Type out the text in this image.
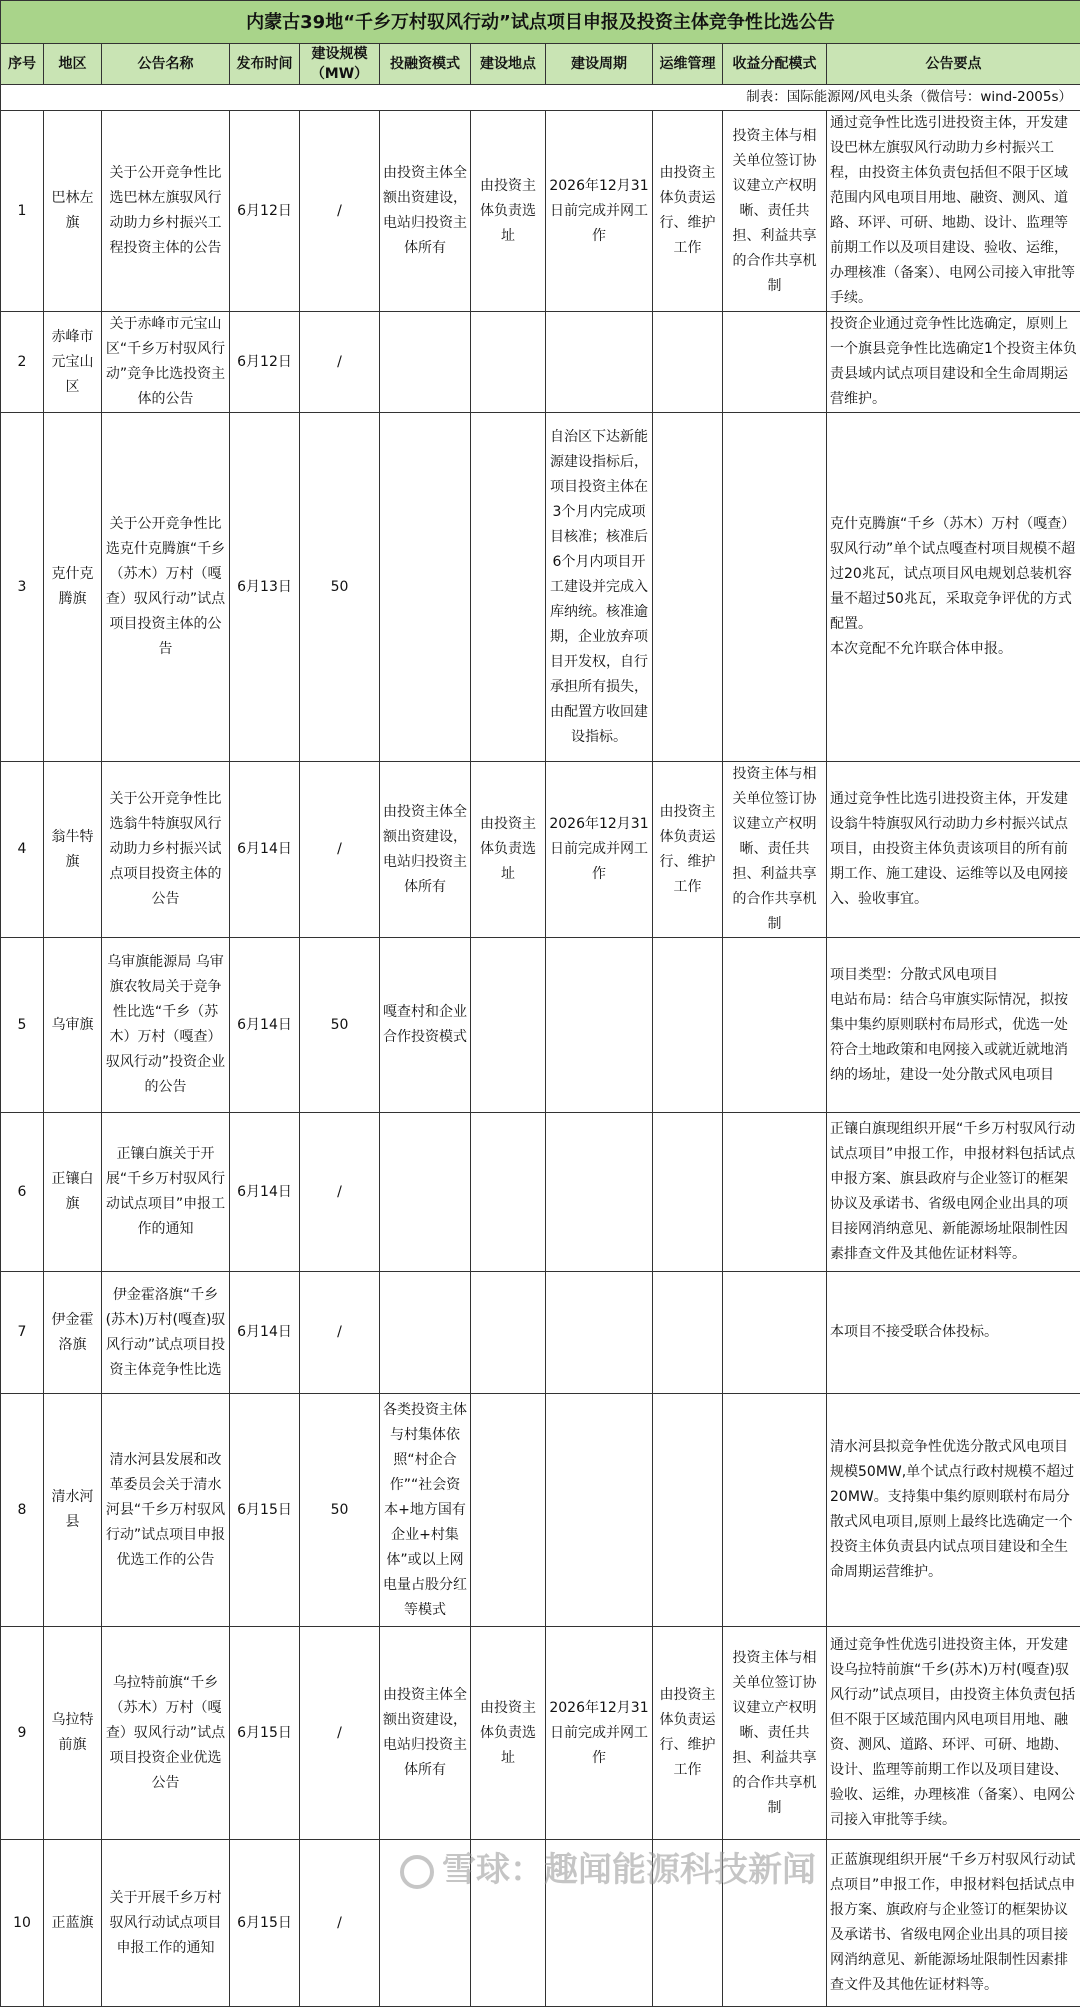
内蒙古39地“千乡万村驭风行动”试点项目申报及投资主体竞争性比选公告										
序号	地区	公告名称	发布时间	建设规模（MW）	投融资模式	建设地点	建设周期	运维管理	收益分配模式	公告要点
制表：国际能源网/风电头条（微信号：wind-2005s）										
1	巴林左旗	关于公开竞争性比选巴林左旗驭风行动助力乡村振兴工程投资主体的公告	6月12日	/	由投资主体全额出资建设，电站归投资主体所有	由投资主体负责选址	2026年12月31日前完成并网工作	由投资主体负责运行、维护工作	投资主体与相关单位签订协议建立产权明晰、责任共担、利益共享的合作共享机制	通过竞争性比选引进投资主体，开发建设巴林左旗驭风行动助力乡村振兴工程，由投资主体负责包括但不限于区域范围内风电项目用地、融资、测风、道路、环评、可研、地勘、设计、监理等前期工作以及项目建设、验收、运维，办理核准（备案）、电网公司接入审批等手续。
2	赤峰市元宝山区	关于赤峰市元宝山区“千乡万村驭风行动”竞争比选投资主体的公告	6月12日	/						投资企业通过竞争性比选确定，原则上一个旗县竞争性比选确定1个投资主体负责县域内试点项目建设和全生命周期运营维护。
3	克什克腾旗	关于公开竞争性比选克什克腾旗“千乡（苏木）万村（嘎查）驭风行动”试点项目投资主体的公告	6月13日	50			自治区下达新能源建设指标后，项目投资主体在3个月内完成项目核准；核准后6个月内项目开工建设并完成入库纳统。核准逾期，企业放弃项目开发权，自行承担所有损失，由配置方收回建设指标。			克什克腾旗“千乡（苏木）万村（嘎查）驭风行动”单个试点嘎查村项目规模不超过20兆瓦，试点项目风电规划总装机容量不超过50兆瓦，采取竞争评优的方式配置。
本次竞配不允许联合体申报。
4	翁牛特旗	关于公开竞争性比选翁牛特旗驭风行动助力乡村振兴试点项目投资主体的公告	6月14日	/	由投资主体全额出资建设，电站归投资主体所有	由投资主体负责选址	2026年12月31日前完成并网工作	由投资主体负责运行、维护工作	投资主体与相关单位签订协议建立产权明晰、责任共担、利益共享的合作共享机制	通过竞争性比选引进投资主体，开发建设翁牛特旗驭风行动助力乡村振兴试点项目，由投资主体负责该项目的所有前期工作、施工建设、运维等以及电网接入、验收事宜。
5	乌审旗	乌审旗能源局 乌审旗农牧局关于竞争性比选“千乡（苏木）万村（嘎查）驭风行动”投资企业的公告	6月14日	50	嘎查村和企业合作投资模式					项目类型：分散式风电项目
电站布局：结合乌审旗实际情况，拟按集中集约原则联村布局形式，优选一处符合土地政策和电网接入或就近就地消纳的场址，建设一处分散式风电项目
6	正镶白旗	正镶白旗关于开展“千乡万村驭风行动试点项目”申报工作的通知	6月14日	/						正镶白旗现组织开展“千乡万村驭风行动试点项目”申报工作，申报材料包括试点申报方案、旗县政府与企业签订的框架协议及承诺书、省级电网企业出具的项目接网消纳意见、新能源场址限制性因素排查文件及其他佐证材料等。
7	伊金霍洛旗	伊金霍洛旗“千乡(苏木)万村(嘎查)驭风行动”试点项目投资主体竞争性比选	6月14日	/						本项目不接受联合体投标。
8	清水河县	清水河县发展和改革委员会关于清水河县“千乡万村驭风行动”试点项目申报优选工作的公告	6月15日	50	各类投资主体与村集体依照“村企合作”“社会资本+地方国有企业+村集体”或以上网电量占股分红等模式					清水河县拟竞争性优选分散式风电项目规模50MW,单个试点行政村规模不超过20MW。支持集中集约原则联村布局分散式风电项目,原则上最终比选确定一个投资主体负责县内试点项目建设和全生命周期运营维护。
9	乌拉特前旗	乌拉特前旗“千乡（苏木）万村（嘎查）驭风行动”试点项目投资企业优选公告	6月15日	/	由投资主体全额出资建设，电站归投资主体所有	由投资主体负责选址	2026年12月31日前完成并网工作	由投资主体负责运行、维护工作	投资主体与相关单位签订协议建立产权明晰、责任共担、利益共享的合作共享机制	通过竞争性优选引进投资主体，开发建设乌拉特前旗“千乡(苏木)万村(嘎查)驭风行动”试点项目，由投资主体负责包括但不限于区域范围内风电项目用地、融资、测风、道路、环评、可研、地勘、设计、监理等前期工作以及项目建设、验收、运维，办理核准（备案）、电网公司接入审批等手续。
10	正蓝旗	关于开展千乡万村驭风行动试点项目申报工作的通知	6月15日	/						正蓝旗现组织开展“千乡万村驭风行动试点项目”申报工作，申报材料包括试点申报方案、旗政府与企业签订的框架协议及承诺书、省级电网企业出具的项目接网消纳意见、新能源场址限制性因素排查文件及其他佐证材料等。
雪球：趣闻能源科技新闻
